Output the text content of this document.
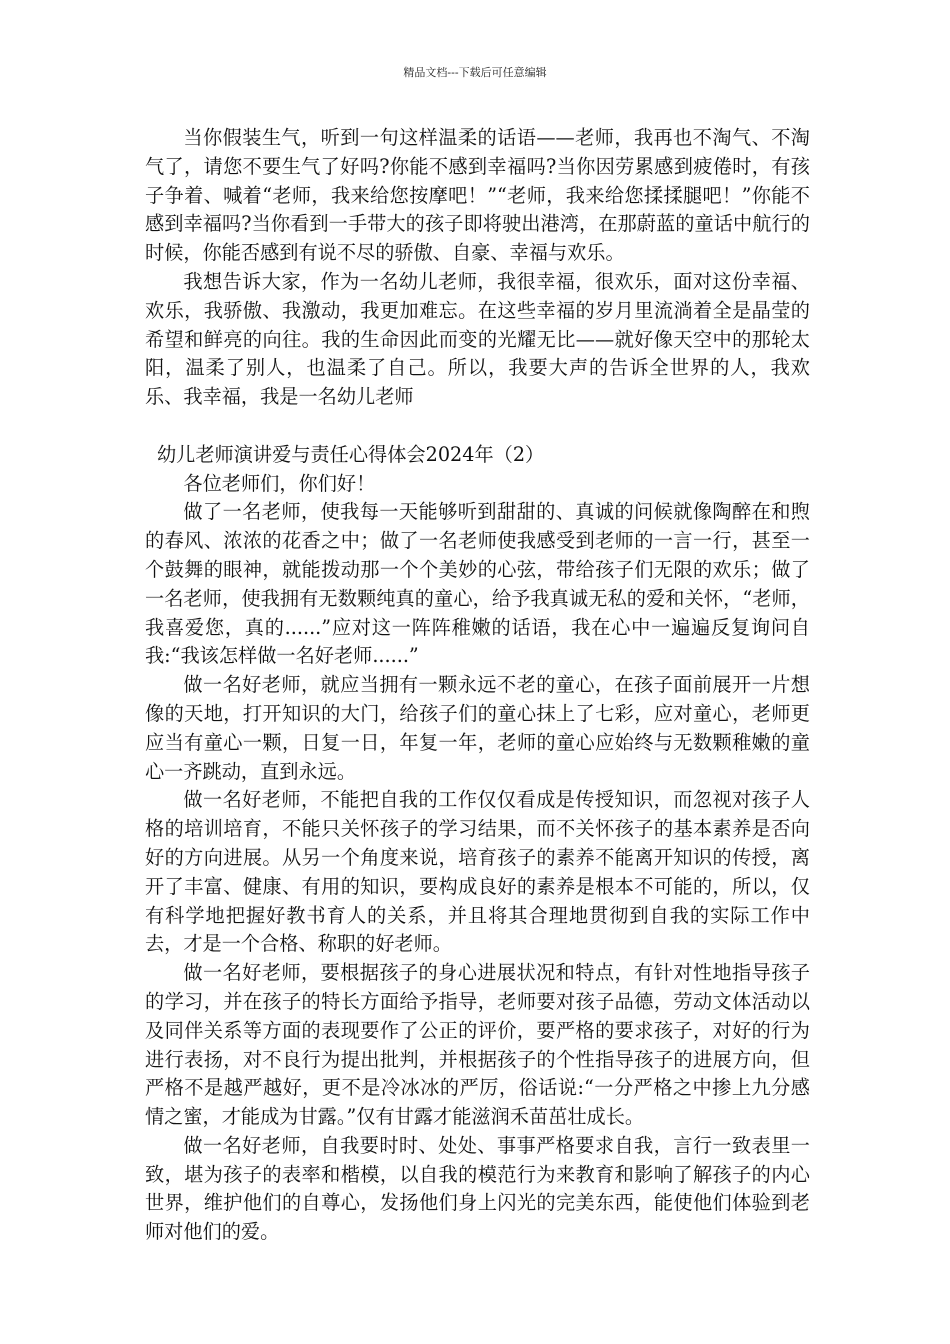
精品文档---下载后可任意编辑

当你假装生气，听到一句这样温柔的话语——老师，我再也不淘气、不淘气了，请您不要生气了好吗?你能不感到幸福吗?当你因劳累感到疲倦时，有孩子争着、喊着“老师，我来给您按摩吧！”“老师，我来给您揉揉腿吧！”你能不感到幸福吗?当你看到一手带大的孩子即将驶出港湾，在那蔚蓝的童话中航行的时候，你能否感到有说不尽的骄傲、自豪、幸福与欢乐。

我想告诉大家，作为一名幼儿老师，我很幸福，很欢乐，面对这份幸福、欢乐，我骄傲、我激动，我更加难忘。在这些幸福的岁月里流淌着全是晶莹的希望和鲜亮的向往。我的生命因此而变的光耀无比——就好像天空中的那轮太阳，温柔了别人，也温柔了自己。所以，我要大声的告诉全世界的人，我欢乐、我幸福，我是一名幼儿老师

幼儿老师演讲爱与责任心得体会2024年（2）

各位老师们，你们好！

做了一名老师，使我每一天能够听到甜甜的、真诚的问候就像陶醉在和煦的春风、浓浓的花香之中；做了一名老师使我感受到老师的一言一行，甚至一个鼓舞的眼神，就能拨动那一个个美妙的心弦，带给孩子们无限的欢乐；做了一名老师，使我拥有无数颗纯真的童心，给予我真诚无私的爱和关怀，“老师，我喜爱您，真的......”应对这一阵阵稚嫩的话语，我在心中一遍遍反复询问自我:“我该怎样做一名好老师......”

做一名好老师，就应当拥有一颗永远不老的童心，在孩子面前展开一片想像的天地，打开知识的大门，给孩子们的童心抹上了七彩，应对童心，老师更应当有童心一颗，日复一日，年复一年，老师的童心应始终与无数颗稚嫩的童心一齐跳动，直到永远。

做一名好老师，不能把自我的工作仅仅看成是传授知识，而忽视对孩子人格的培训培育，不能只关怀孩子的学习结果，而不关怀孩子的基本素养是否向好的方向进展。从另一个角度来说，培育孩子的素养不能离开知识的传授，离开了丰富、健康、有用的知识，要构成良好的素养是根本不可能的，所以，仅有科学地把握好教书育人的关系，并且将其合理地贯彻到自我的实际工作中去，才是一个合格、称职的好老师。

做一名好老师，要根据孩子的身心进展状况和特点，有针对性地指导孩子的学习，并在孩子的特长方面给予指导，老师要对孩子品德，劳动文体活动以及同伴关系等方面的表现要作了公正的评价，要严格的要求孩子，对好的行为进行表扬，对不良行为提出批判，并根据孩子的个性指导孩子的进展方向，但严格不是越严越好，更不是冷冰冰的严厉，俗话说:“一分严格之中掺上九分感情之蜜，才能成为甘露。”仅有甘露才能滋润禾苗茁壮成长。

做一名好老师，自我要时时、处处、事事严格要求自我，言行一致表里一致，堪为孩子的表率和楷模，以自我的模范行为来教育和影响了解孩子的内心世界，维护他们的自尊心，发扬他们身上闪光的完美东西，能使他们体验到老师对他们的爱。
